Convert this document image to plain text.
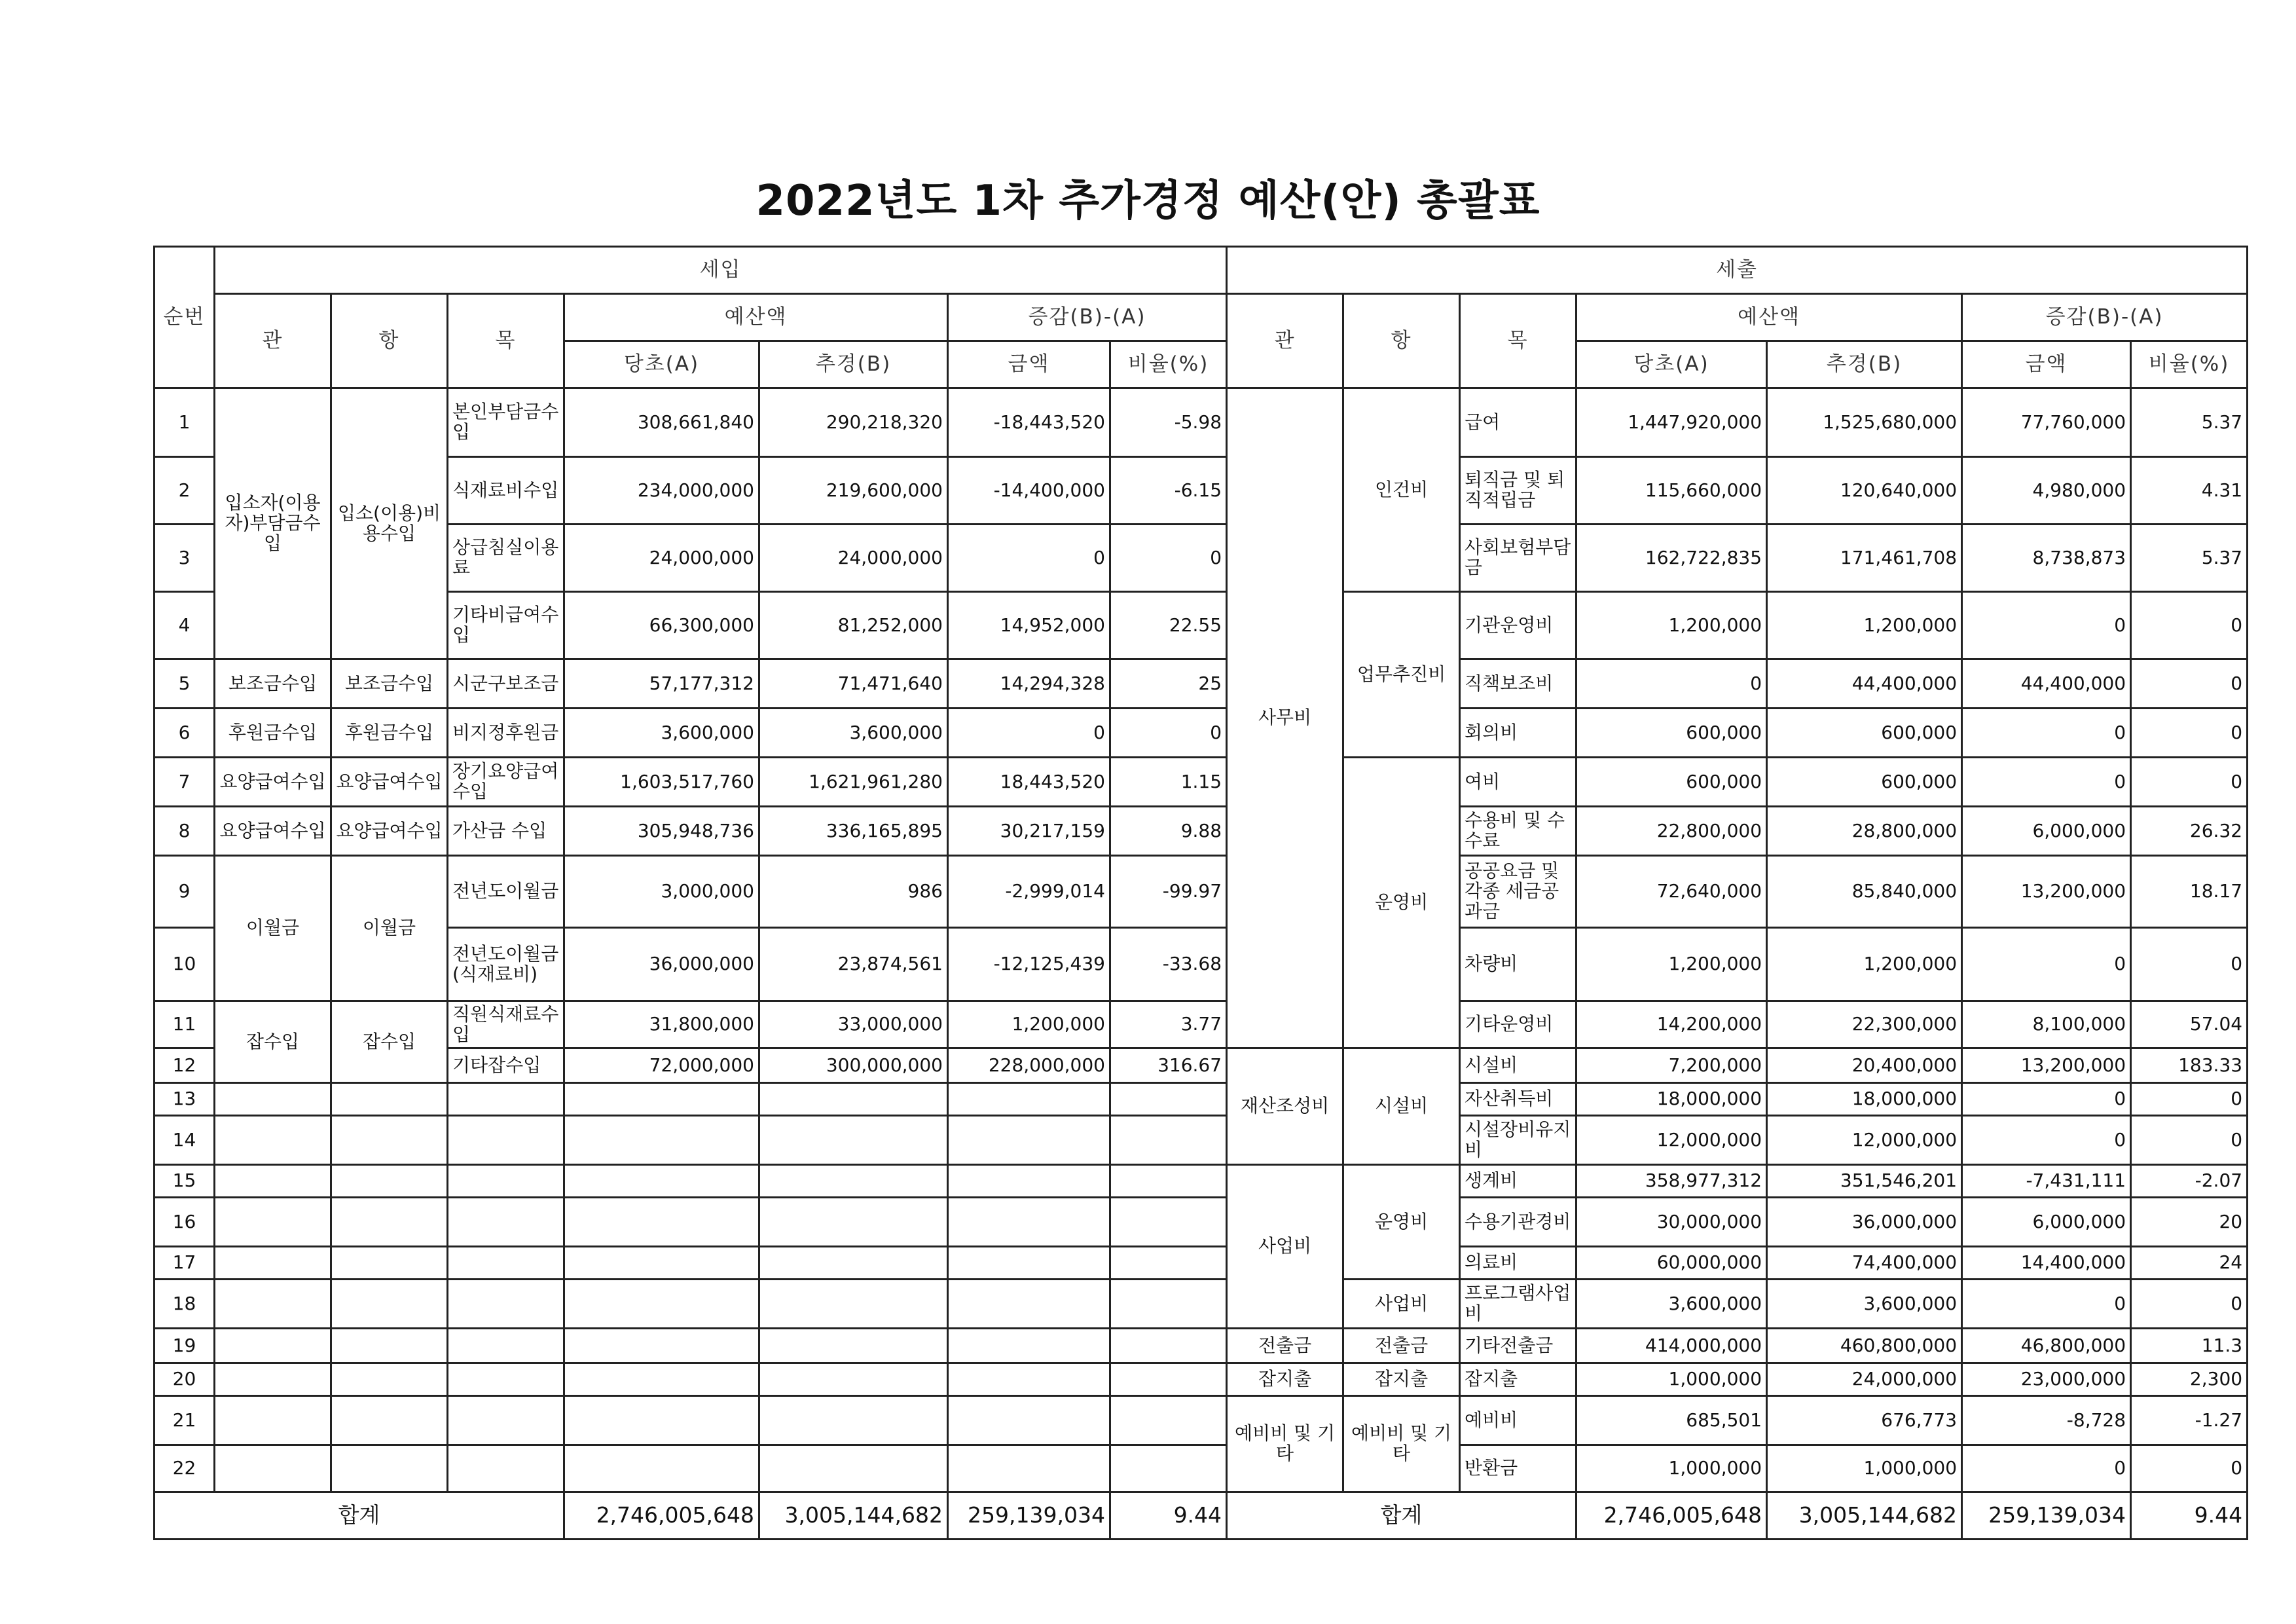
2022년도 1차 추가경정 예산(안) 총괄표
순번	세입							세출						
	관	항	목	예산액		증감(B)-(A)		관	항	목	예산액		증감(B)-(A)	
				당초(A)	추경(B)	금액	비율(%)				당초(A)	추경(B)	금액	비율(%)
1	입소자(이용자)부담금수입	입소(이용)비용수입	본인부담금수입	308,661,840	290,218,320	-18,443,520	-5.98	사무비	인건비	급여	1,447,920,000	1,525,680,000	77,760,000	5.37
2			식재료비수입	234,000,000	219,600,000	-14,400,000	-6.15			퇴직금 및 퇴직적립금	115,660,000	120,640,000	4,980,000	4.31
3			상급침실이용료	24,000,000	24,000,000	0	0			사회보험부담금	162,722,835	171,461,708	8,738,873	5.37
4			기타비급여수입	66,300,000	81,252,000	14,952,000	22.55		업무추진비	기관운영비	1,200,000	1,200,000	0	0
5	보조금수입	보조금수입	시군구보조금	57,177,312	71,471,640	14,294,328	25			직책보조비	0	44,400,000	44,400,000	0
6	후원금수입	후원금수입	비지정후원금	3,600,000	3,600,000	0	0			회의비	600,000	600,000	0	0
7	요양급여수입	요양급여수입	장기요양급여수입	1,603,517,760	1,621,961,280	18,443,520	1.15		운영비	여비	600,000	600,000	0	0
8	요양급여수입	요양급여수입	가산금 수입	305,948,736	336,165,895	30,217,159	9.88			수용비 및 수수료	22,800,000	28,800,000	6,000,000	26.32
9	이월금	이월금	전년도이월금	3,000,000	986	-2,999,014	-99.97			공공요금 및 각종 세금공과금	72,640,000	85,840,000	13,200,000	18.17
10			전년도이월금(식재료비)	36,000,000	23,874,561	-12,125,439	-33.68			차량비	1,200,000	1,200,000	0	0
11	잡수입	잡수입	직원식재료수입	31,800,000	33,000,000	1,200,000	3.77			기타운영비	14,200,000	22,300,000	8,100,000	57.04
12			기타잡수입	72,000,000	300,000,000	228,000,000	316.67	재산조성비	시설비	시설비	7,200,000	20,400,000	13,200,000	183.33
13										자산취득비	18,000,000	18,000,000	0	0
14										시설장비유지비	12,000,000	12,000,000	0	0
15								사업비	운영비	생계비	358,977,312	351,546,201	-7,431,111	-2.07
16										수용기관경비	30,000,000	36,000,000	6,000,000	20
17										의료비	60,000,000	74,400,000	14,400,000	24
18									사업비	프로그램사업비	3,600,000	3,600,000	0	0
19								전출금	전출금	기타전출금	414,000,000	460,800,000	46,800,000	11.3
20								잡지출	잡지출	잡지출	1,000,000	24,000,000	23,000,000	2,300
21								예비비 및 기타	예비비 및 기타	예비비	685,501	676,773	-8,728	-1.27
22										반환금	1,000,000	1,000,000	0	0
합계				2,746,005,648	3,005,144,682	259,139,034	9.44	합계			2,746,005,648	3,005,144,682	259,139,034	9.44
